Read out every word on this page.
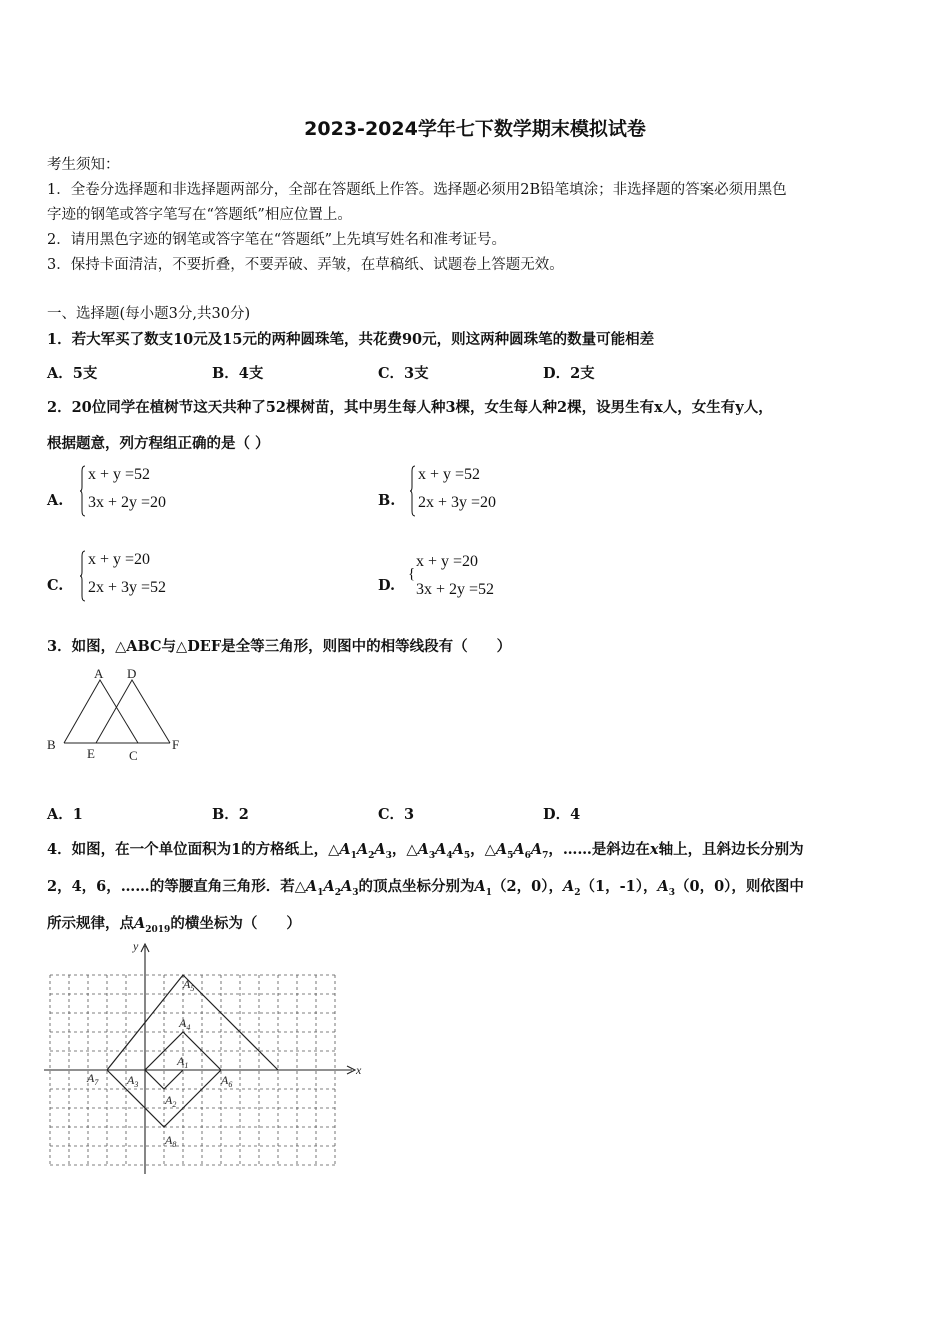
2023-2024学年七下数学期末模拟试卷
考生须知：
1．全卷分选择题和非选择题两部分，全部在答题纸上作答。选择题必须用2B铅笔填涂；非选择题的答案必须用黑色
字迹的钢笔或答字笔写在“答题纸”相应位置上。
2．请用黑色字迹的钢笔或答字笔在“答题纸”上先填写姓名和准考证号。
3．保持卡面清洁，不要折叠，不要弄破、弄皱，在草稿纸、试题卷上答题无效。
一、选择题(每小题3分,共30分)
1．若大军买了数支10元及15元的两种圆珠笔，共花费90元，则这两种圆珠笔的数量可能相差
A．5支	B．4支	C．3支	D．2支
2．20位同学在植树节这天共种了52棵树苗，其中男生每人种3棵，女生每人种2棵，设男生有x人，女生有y人，
根据题意，列方程组正确的是（ ）
A.
x + y =52
3x + 2y =20	B.
x + y =52
2x + 3y =20
C.
x + y =20
2x + 3y =52	D.
{
x + y =20
3x + 2y =52
3．如图，△ABC与△DEF是全等三角形，则图中的相等线段有（　　）
A D
B
E	C
F
A．1	B．2	C．3	D．4
4．如图，在一个单位面积为1的方格纸上，$\triangle A_1A_2A_3$，$\triangle A_3A_4A_5$，$\triangle A_5A_6A_7$，……是斜边在x轴上，且斜边长分别为
2，4，6，……的等腰直角三角形．若$\triangle A_1A_2A_3$的顶点坐标分别为$A_1(2$，0），$A_2(1$，-1），$A_3(0$，0），则依图中
所示规律，点$A_{2019}$的横坐标为（　　）
x
y
$A_5$
$A_4$
$A_1$
$A_7$ $A_3$	$A_6$
$A_2$
$A_8$
